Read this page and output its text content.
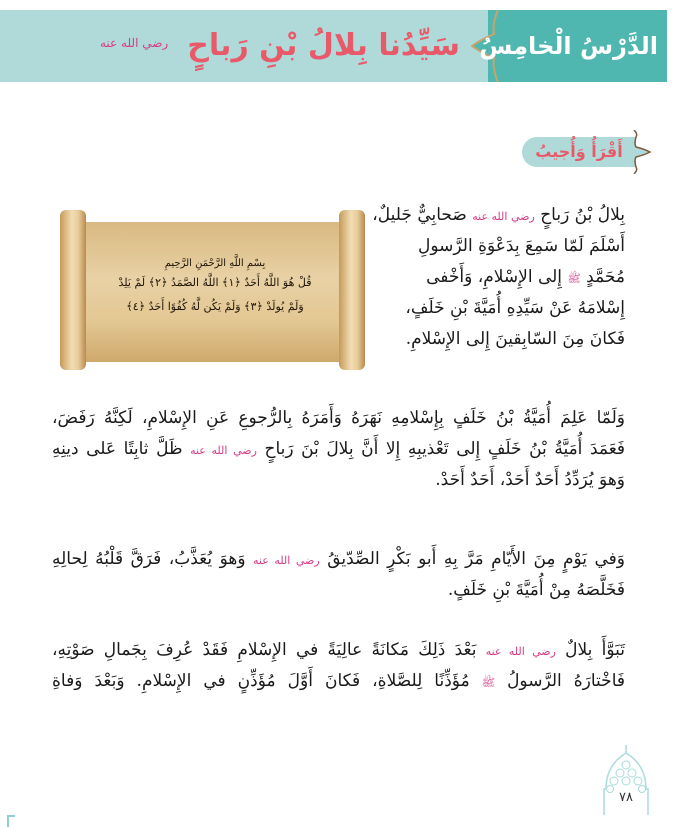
الدَّرْسُ الْخامِسُ
سَيِّدُنا بِلالُ بْنِ رَباحٍ
رضي الله عنه
أَقْرَأُ وَأُجيبُ
بِسْمِ اللَّهِ الرَّحْمَنِ الرَّحِيمِ
قُلْ هُوَ اللَّهُ أَحَدٌ ﴿١﴾ اللَّهُ الصَّمَدُ ﴿٢﴾ لَمْ يَلِدْ
وَلَمْ يُولَدْ ﴿٣﴾ وَلَمْ يَكُن لَّهُ كُفُوًا أَحَدٌ ﴿٤﴾
بِلالُ بْنُ رَباحٍ رضي الله عنه صَحابِيٌّ جَليلٌ،
أَسْلَمَ لَمّا سَمِعَ بِدَعْوَةِ الرَّسولِ
مُحَمَّدٍ ﷺ إِلى الإِسْلامِ، وَأَخْفى
إِسْلامَهُ عَنْ سَيِّدِهِ أُمَيَّةَ بْنِ خَلَفٍ،
فَكانَ مِنَ السّابِقينَ إِلى الإِسْلامِ.
وَلَمّا عَلِمَ أُمَيَّةُ بْنُ خَلَفٍ بِإِسْلامِهِ نَهَرَهُ وَأَمَرَهُ بِالرُّجوعِ عَنِ الإِسْلامِ، لَكِنَّهُ رَفَضَ،
فَعَمَدَ أُمَيَّةُ بْنُ خَلَفٍ إِلى تَعْذيبِهِ إِلا أَنَّ بِلالَ بْنَ رَباحٍ رضي الله عنه ظَلَّ ثابِتًا عَلى دينِهِ
وَهوَ يُرَدِّدُ أَحَدٌ أَحَدْ، أَحَدٌ أَحَدْ.
وَفي يَوْمٍ مِنَ الأَيّامِ مَرَّ بِهِ أَبو بَكْرٍ الصِّدّيقُ رضي الله عنه وَهوَ يُعَذَّبُ، فَرَقَّ قَلْبُهُ لِحالِهِ
فَخَلَّصَهُ مِنْ أُمَيَّةَ بْنِ خَلَفٍ.
تَبَوَّأَ بِلالٌ رضي الله عنه بَعْدَ ذَلِكَ مَكانَةً عالِيَةً في الإِسْلامِ فَقَدْ عُرِفَ بِجَمالِ صَوْتِهِ،
فَاخْتارَهُ الرَّسولُ ﷺ مُؤَذِّنًا لِلصَّلاةِ، فَكانَ أَوَّلَ مُؤَذِّنٍ في الإِسْلامِ. وَبَعْدَ وَفاةِ
٧٨
